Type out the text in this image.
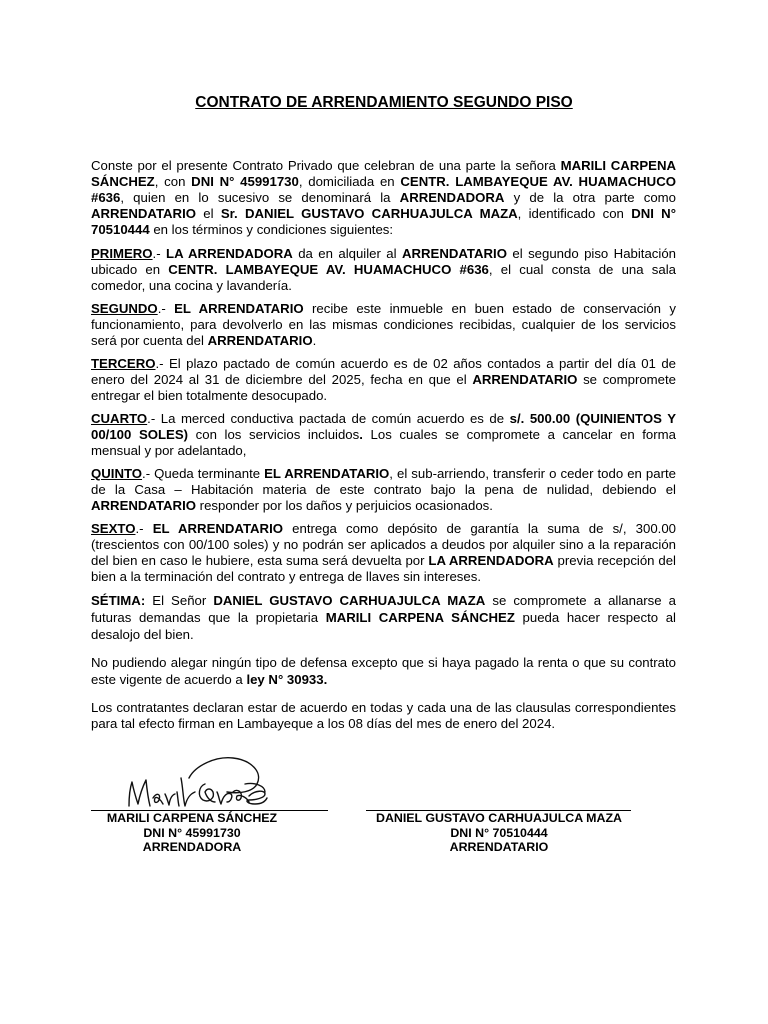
CONTRATO DE ARRENDAMIENTO SEGUNDO PISO

Conste por el presente Contrato Privado que celebran de una parte la señora MARILI CARPENA SÁNCHEZ, con DNI N° 45991730, domiciliada en CENTR. LAMBAYEQUE AV. HUAMACHUCO #636, quien en lo sucesivo se denominará la ARRENDADORA y de la otra parte como ARRENDATARIO el Sr. DANIEL GUSTAVO CARHUAJULCA MAZA, identificado con DNI N° 70510444 en los términos y condiciones siguientes:

PRIMERO.- LA ARRENDADORA da en alquiler al ARRENDATARIO el segundo piso Habitación ubicado en CENTR. LAMBAYEQUE AV. HUAMACHUCO #636, el cual consta de una sala comedor, una cocina y lavandería.

SEGUNDO.- EL ARRENDATARIO recibe este inmueble en buen estado de conservación y funcionamiento, para devolverlo en las mismas condiciones recibidas, cualquier de los servicios será por cuenta del ARRENDATARIO.

TERCERO.- El plazo pactado de común acuerdo es de 02 años contados a partir del día 01 de enero del 2024 al 31 de diciembre del 2025, fecha en que el ARRENDATARIO se compromete entregar el bien totalmente desocupado.

CUARTO.- La merced conductiva pactada de común acuerdo es de s/. 500.00 (QUINIENTOS Y 00/100 SOLES) con los servicios incluidos. Los cuales se compromete a cancelar en forma mensual y por adelantado,

QUINTO.- Queda terminante EL ARRENDATARIO, el sub-arriendo, transferir o ceder todo en parte de la Casa – Habitación materia de este contrato bajo la pena de nulidad, debiendo el ARRENDATARIO responder por los daños y perjuicios ocasionados.

SEXTO.- EL ARRENDATARIO entrega como depósito de garantía la suma de s/, 300.00 (trescientos con 00/100 soles) y no podrán ser aplicados a deudos por alquiler sino a la reparación del bien en caso le hubiere, esta suma será devuelta por LA ARRENDADORA previa recepción del bien a la terminación del contrato y entrega de llaves sin intereses.

SÉTIMA: El Señor DANIEL GUSTAVO CARHUAJULCA MAZA se compromete a allanarse a futuras demandas que la propietaria MARILI CARPENA SÁNCHEZ pueda hacer respecto al desalojo del bien.

No pudiendo alegar ningún tipo de defensa excepto que si haya pagado la renta o que su contrato este vigente de acuerdo a ley N° 30933.

Los contratantes declaran estar de acuerdo en todas y cada una de las clausulas correspondientes para tal efecto firman en Lambayeque a los 08 días del mes de enero del 2024.

MARILI CARPENA SÁNCHEZ
DNI N° 45991730
ARRENDADORA
DANIEL GUSTAVO CARHUAJULCA MAZA
DNI N° 70510444
ARRENDATARIO
